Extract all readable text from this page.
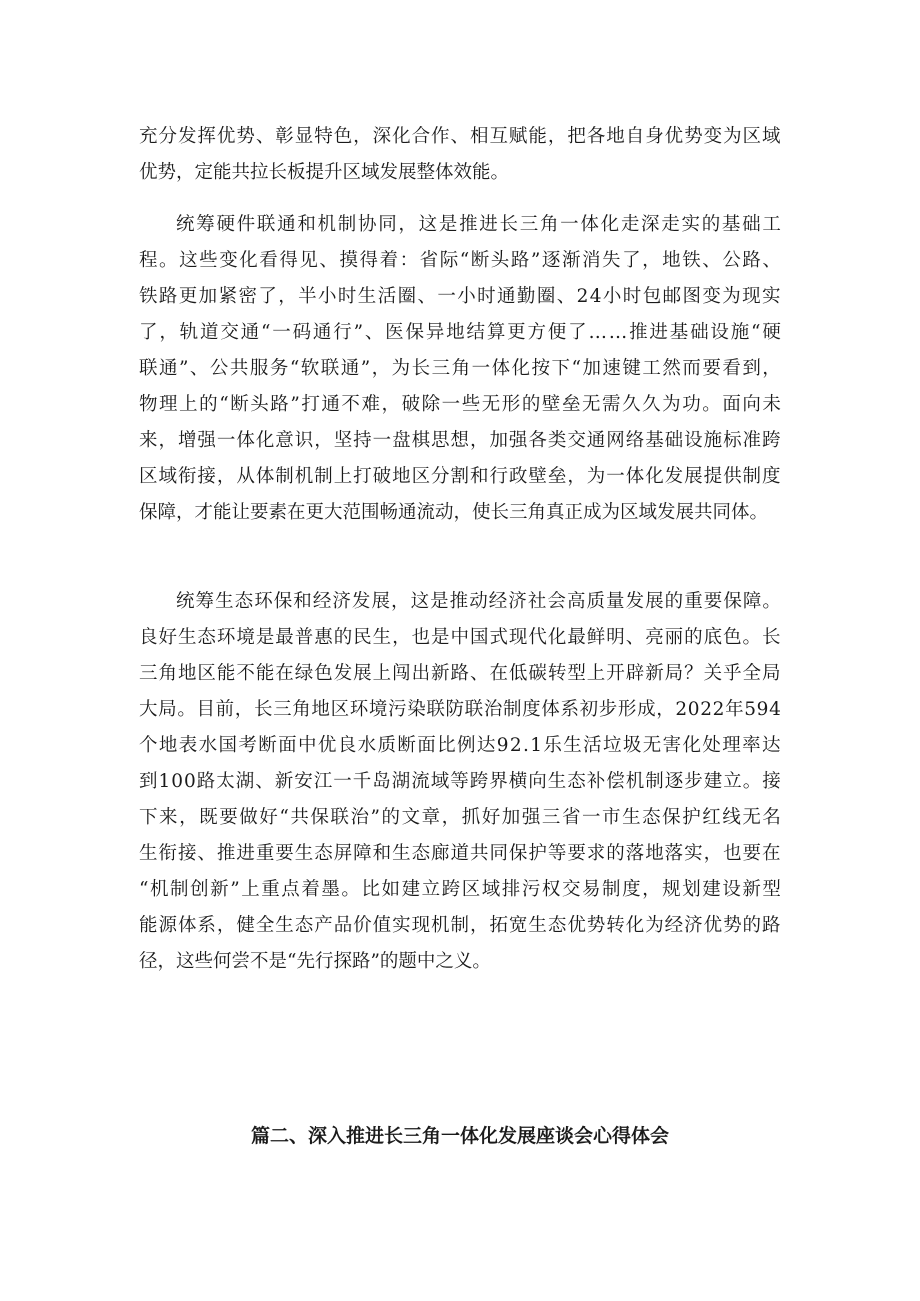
充 分 发 挥 优 势 、 彰 显 特 色 ， 深 化 合 作 、 相 互 赋 能 ， 把 各 地 自 身 优 势 变 为 区 域
优势，定能共拉长板提升区域发展整体效能。
统 筹 硬 件 联 通 和 机 制 协 同 ， 这 是 推 进 长 三 角 一 体 化 走 深 走 实 的 基 础 工
程 。 这 些 变 化 看 得 见 、 摸 得 着 ： 省 际 “ 断 头 路 ” 逐 渐 消 失 了 ， 地 铁 、 公 路 、
铁 路 更 加 紧 密 了 ， 半 小 时 生 活 圈 、 一 小 时 通 勤 圈 、 2 4 小 时 包 邮 图 变 为 现 实
了 ， 轨 道 交 通 “ 一 码 通 行 ” 、 医 保 异 地 结 算 更 方 便 了 … … 推 进 基 础 设 施 “ 硬
联 通 ” 、 公 共 服 务 “ 软 联 通 ” ， 为 长 三 角 一 体 化 按 下 “ 加 速 键 工 然 而 要 看 到 ，
物 理 上 的 “ 断 头 路 ” 打 通 不 难 ， 破 除 一 些 无 形 的 壁 垒 无 需 久 久 为 功 。 面 向 未
来 ， 增 强 一 体 化 意 识 ， 坚 持 一 盘 棋 思 想 ， 加 强 各 类 交 通 网 络 基 础 设 施 标 准 跨
区 域 衔 接 ， 从 体 制 机 制 上 打 破 地 区 分 割 和 行 政 壁 垒 ， 为 一 体 化 发 展 提 供 制 度
保障，才能让要素在更大范围畅通流动，使长三角真正成为区域发展共同体。
统 筹 生 态 环 保 和 经 济 发 展 ， 这 是 推 动 经 济 社 会 高 质 量 发 展 的 重 要 保 障 。
良 好 生 态 环 境 是 最 普 惠 的 民 生 ， 也 是 中 国 式 现 代 化 最 鲜 明 、 亮 丽 的 底 色 。 长
三 角 地 区 能 不 能 在 绿 色 发 展 上 闯 出 新 路 、 在 低 碳 转 型 上 开 辟 新 局 ？ 关 乎 全 局
大 局 。 目 前 ， 长 三 角 地 区 环 境 污 染 联 防 联 治 制 度 体 系 初 步 形 成 ， 2 0 2 2 年 5 9 4
个 地 表 水 国 考 断 面 中 优 良 水 质 断 面 比 例 达 9 2 . 1 乐 生 活 垃 圾 无 害 化 处 理 率 达
到 1 0 0 路 太 湖 、 新 安 江 一 千 岛 湖 流 域 等 跨 界 横 向 生 态 补 偿 机 制 逐 步 建 立 。 接
下 来 ， 既 要 做 好 “ 共 保 联 治 ” 的 文 章 ， 抓 好 加 强 三 省 一 市 生 态 保 护 红 线 无 名
生 衔 接 、 推 进 重 要 生 态 屏 障 和 生 态 廊 道 共 同 保 护 等 要 求 的 落 地 落 实 ， 也 要 在
“ 机 制 创 新 ” 上 重 点 着 墨 。 比 如 建 立 跨 区 域 排 污 权 交 易 制 度 ， 规 划 建 设 新 型
能 源 体 系 ， 健 全 生 态 产 品 价 值 实 现 机 制 ， 拓 宽 生 态 优 势 转 化 为 经 济 优 势 的 路
径，这些何尝不是“先行探路”的题中之义。
篇二、深入推进长三角一体化发展座谈会心得体会
